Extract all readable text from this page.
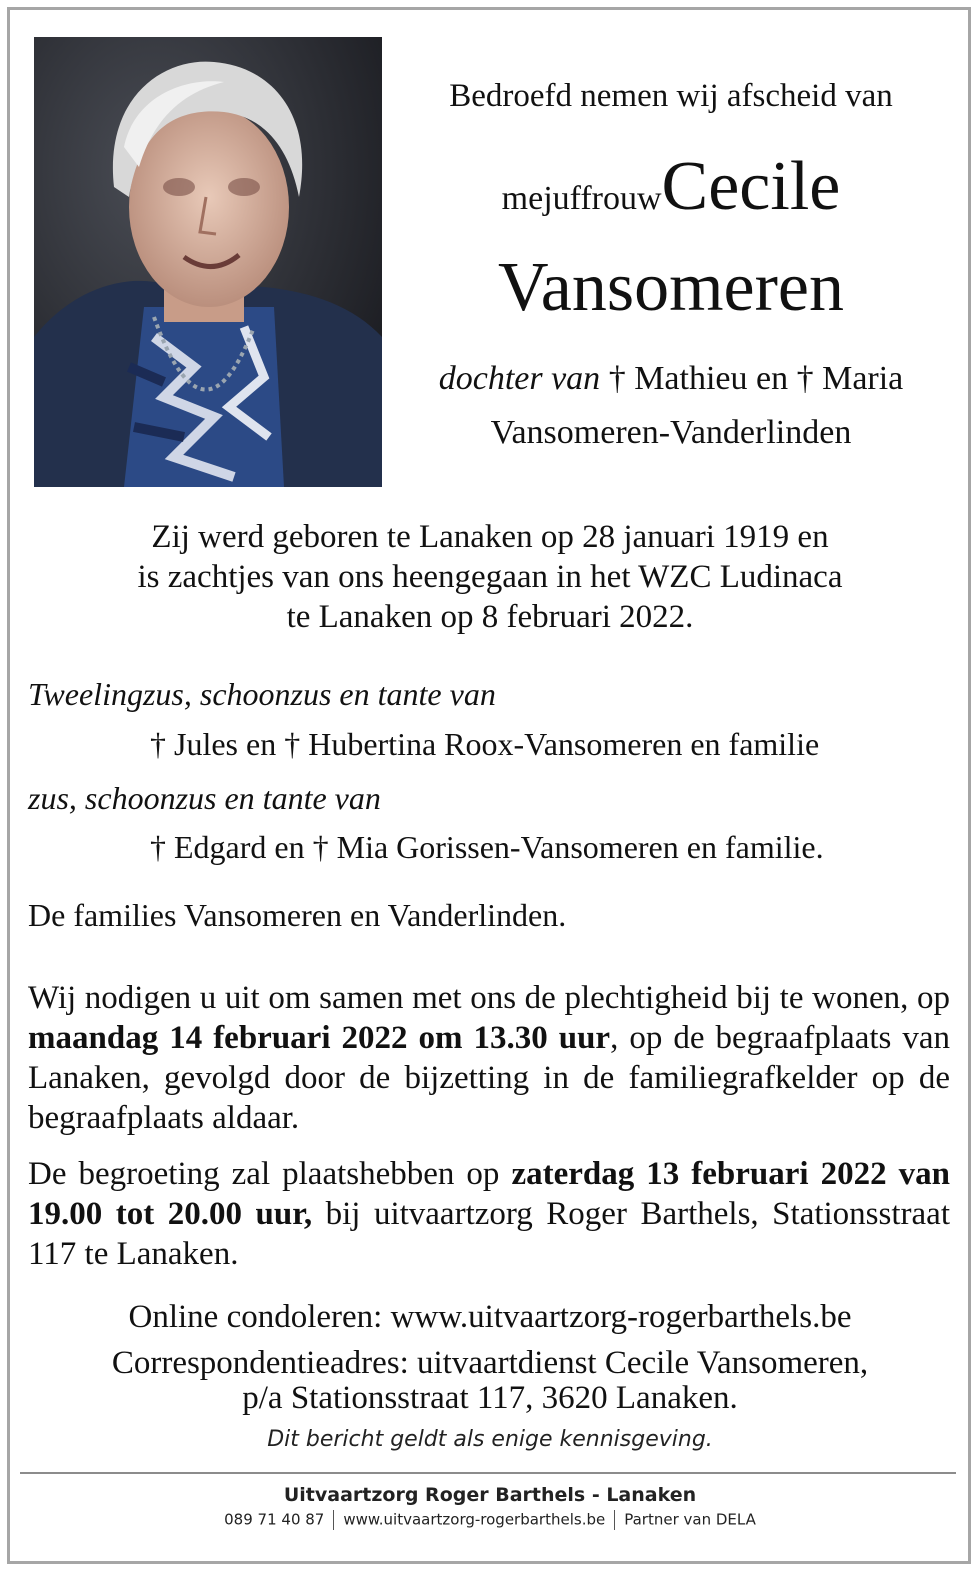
Bedroefd nemen wij afscheid van
mejuffrouwCecile
Vansomeren
dochter van † Mathieu en † Maria
Vansomeren-Vanderlinden
Zij werd geboren te Lanaken op 28 januari 1919 en
is zachtjes van ons heengegaan in het WZC Ludinaca
te Lanaken op 8 februari 2022.
Tweelingzus, schoonzus en tante van
† Jules en † Hubertina Roox-Vansomeren en familie
zus, schoonzus en tante van
† Edgard en † Mia Gorissen-Vansomeren en familie.
De families Vansomeren en Vanderlinden.
Wij nodigen u uit om samen met ons de plechtigheid bij te wonen, op maandag 14 februari 2022 om 13.30 uur, op de begraafplaats van Lanaken, gevolgd door de bijzetting in de familiegrafkelder op de begraafplaats aldaar.
De begroeting zal plaatshebben op zaterdag 13 februari 2022 van 19.00 tot 20.00 uur, bij uitvaartzorg Roger Barthels, Stationsstraat 117 te Lanaken.
Online condoleren: www.uitvaartzorg-rogerbarthels.be
Correspondentieadres: uitvaartdienst Cecile Vansomeren,
p/a Stationsstraat 117, 3620 Lanaken.
Dit bericht geldt als enige kennisgeving.
Uitvaartzorg Roger Barthels - Lanaken
089 71 40 87 www.uitvaartzorg-rogerbarthels.be Partner van DELA
